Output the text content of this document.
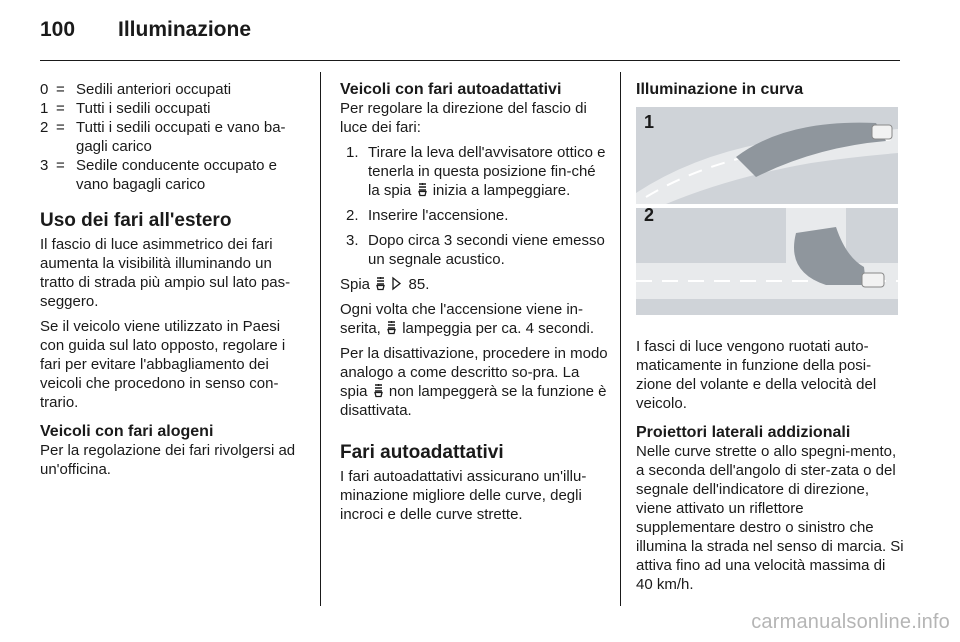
100 Illuminazione
0 = Sedili anteriori occupati
1 = Tutti i sedili occupati
2 = Tutti i sedili occupati e vano ba-gagli carico
3 = Sedile conducente occupato e vano bagagli carico
Uso dei fari all'estero

Il fascio di luce asimmetrico dei fari aumenta la visibilità illuminando un tratto di strada più ampio sul lato pas-seggero.

Se il veicolo viene utilizzato in Paesi con guida sul lato opposto, regolare i fari per evitare l'abbagliamento dei veicoli che procedono in senso con-trario.

Veicoli con fari alogeni

Per la regolazione dei fari rivolgersi ad un'officina.

Veicoli con fari autoadattativi

Per regolare la direzione del fascio di luce dei fari:

1. Tirare la leva dell'avvisatore ottico e tenerla in questa posizione fin-ché la spia inizia a lampeggiare.
2. Inserire l'accensione.
3. Dopo circa 3 secondi viene emesso un segnale acustico.

Spia
	85.

Ogni volta che l'accensione viene in-serita, lampeggia per ca. 4 secondi.

Per la disattivazione, procedere in modo analogo a come descritto so-pra. La spia non lampeggerà se la funzione è disattivata.

Fari autoadattativi

I fari autoadattativi assicurano un'illu-minazione migliore delle curve, degli incroci e delle curve strette.

Illuminazione in curva
1
2

I fasci di luce vengono ruotati auto-maticamente in funzione della posi-zione del volante e della velocità del veicolo.

Proiettori laterali addizionali

Nelle curve strette o allo spegni-mento, a seconda dell'angolo di ster-zata o del segnale dell'indicatore di direzione, viene attivato un riflettore supplementare destro o sinistro che illumina la strada nel senso di marcia. Si attiva fino ad una velocità massima di 40 km/h.

carmanualsonline.info
